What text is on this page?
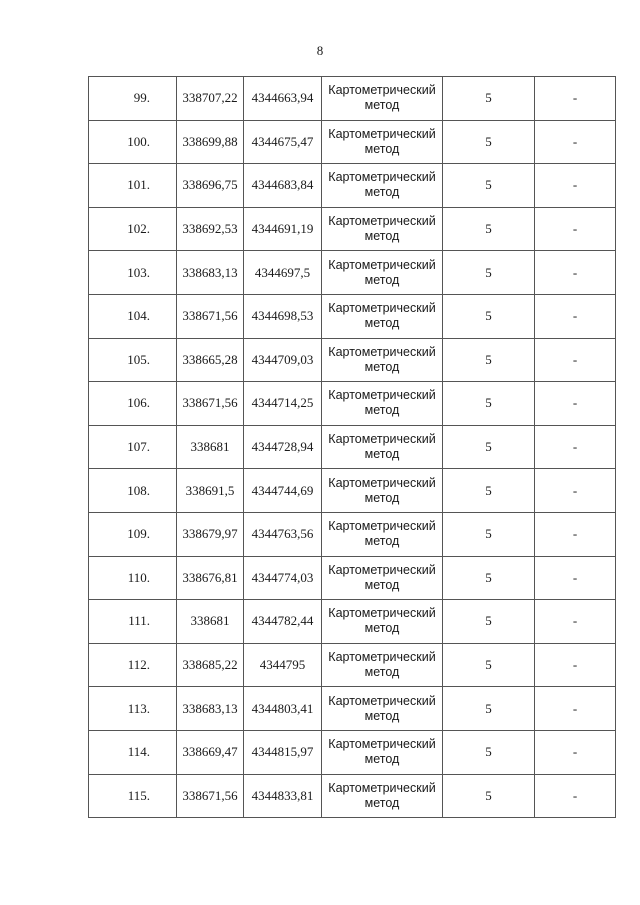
8
99.	338707,22	4344663,94	Картометрический метод	5	-
100.	338699,88	4344675,47	Картометрический метод	5	-
101.	338696,75	4344683,84	Картометрический метод	5	-
102.	338692,53	4344691,19	Картометрический метод	5	-
103.	338683,13	4344697,5	Картометрический метод	5	-
104.	338671,56	4344698,53	Картометрический метод	5	-
105.	338665,28	4344709,03	Картометрический метод	5	-
106.	338671,56	4344714,25	Картометрический метод	5	-
107.	338681	4344728,94	Картометрический метод	5	-
108.	338691,5	4344744,69	Картометрический метод	5	-
109.	338679,97	4344763,56	Картометрический метод	5	-
110.	338676,81	4344774,03	Картометрический метод	5	-
111.	338681	4344782,44	Картометрический метод	5	-
112.	338685,22	4344795	Картометрический метод	5	-
113.	338683,13	4344803,41	Картометрический метод	5	-
114.	338669,47	4344815,97	Картометрический метод	5	-
115.	338671,56	4344833,81	Картометрический метод	5	-
